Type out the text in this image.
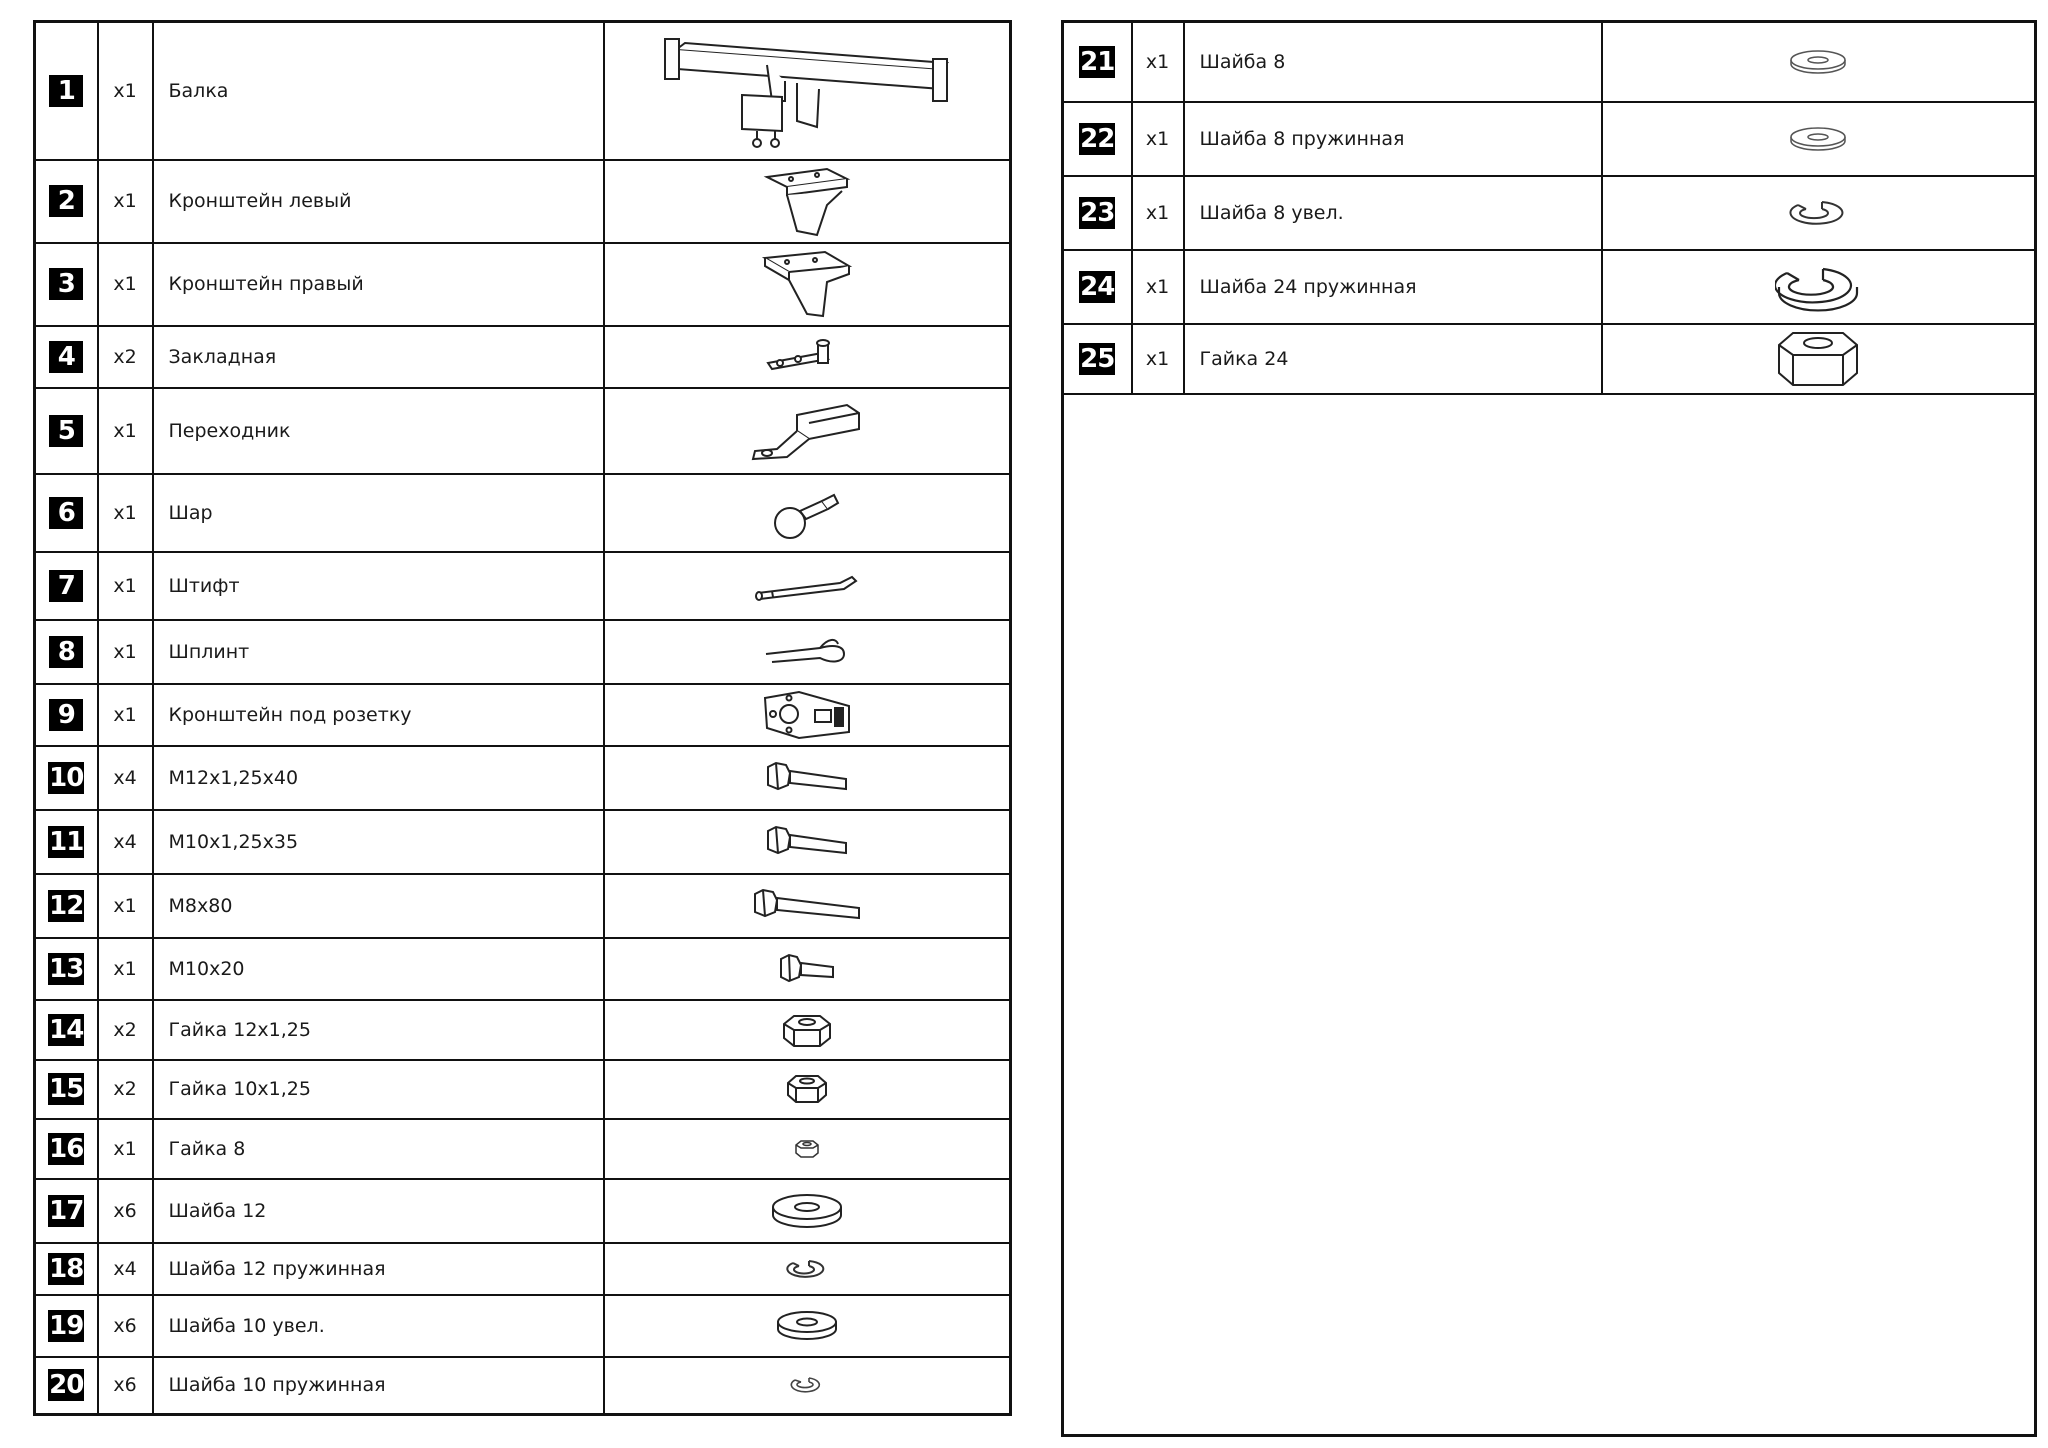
1	x1	Балка	

2	x1	Кронштейн левый	

3	x1	Кронштейн правый	

4	x2	Закладная	

5	x1	Переходник	

6	x1	Шар	

7	x1	Штифт	

8	x1	Шплинт	

9	x1	Кронштейн под розетку	

10	x4	М12х1,25х40	

11	x4	М10х1,25х35	

12	x1	М8х80	

13	x1	М10х20	

14	x2	Гайка 12х1,25	

15	x2	Гайка 10х1,25	

16	x1	Гайка 8	

17	x6	Шайба 12	

18	x4	Шайба 12 пружинная	

19	x6	Шайба 10 увел.	

20	x6	Шайба 10 пружинная	
21	x1	Шайба 8	

22	x1	Шайба 8 пружинная	

23	x1	Шайба 8 увел.	

24	x1	Шайба 24 пружинная	

25	x1	Гайка 24	
